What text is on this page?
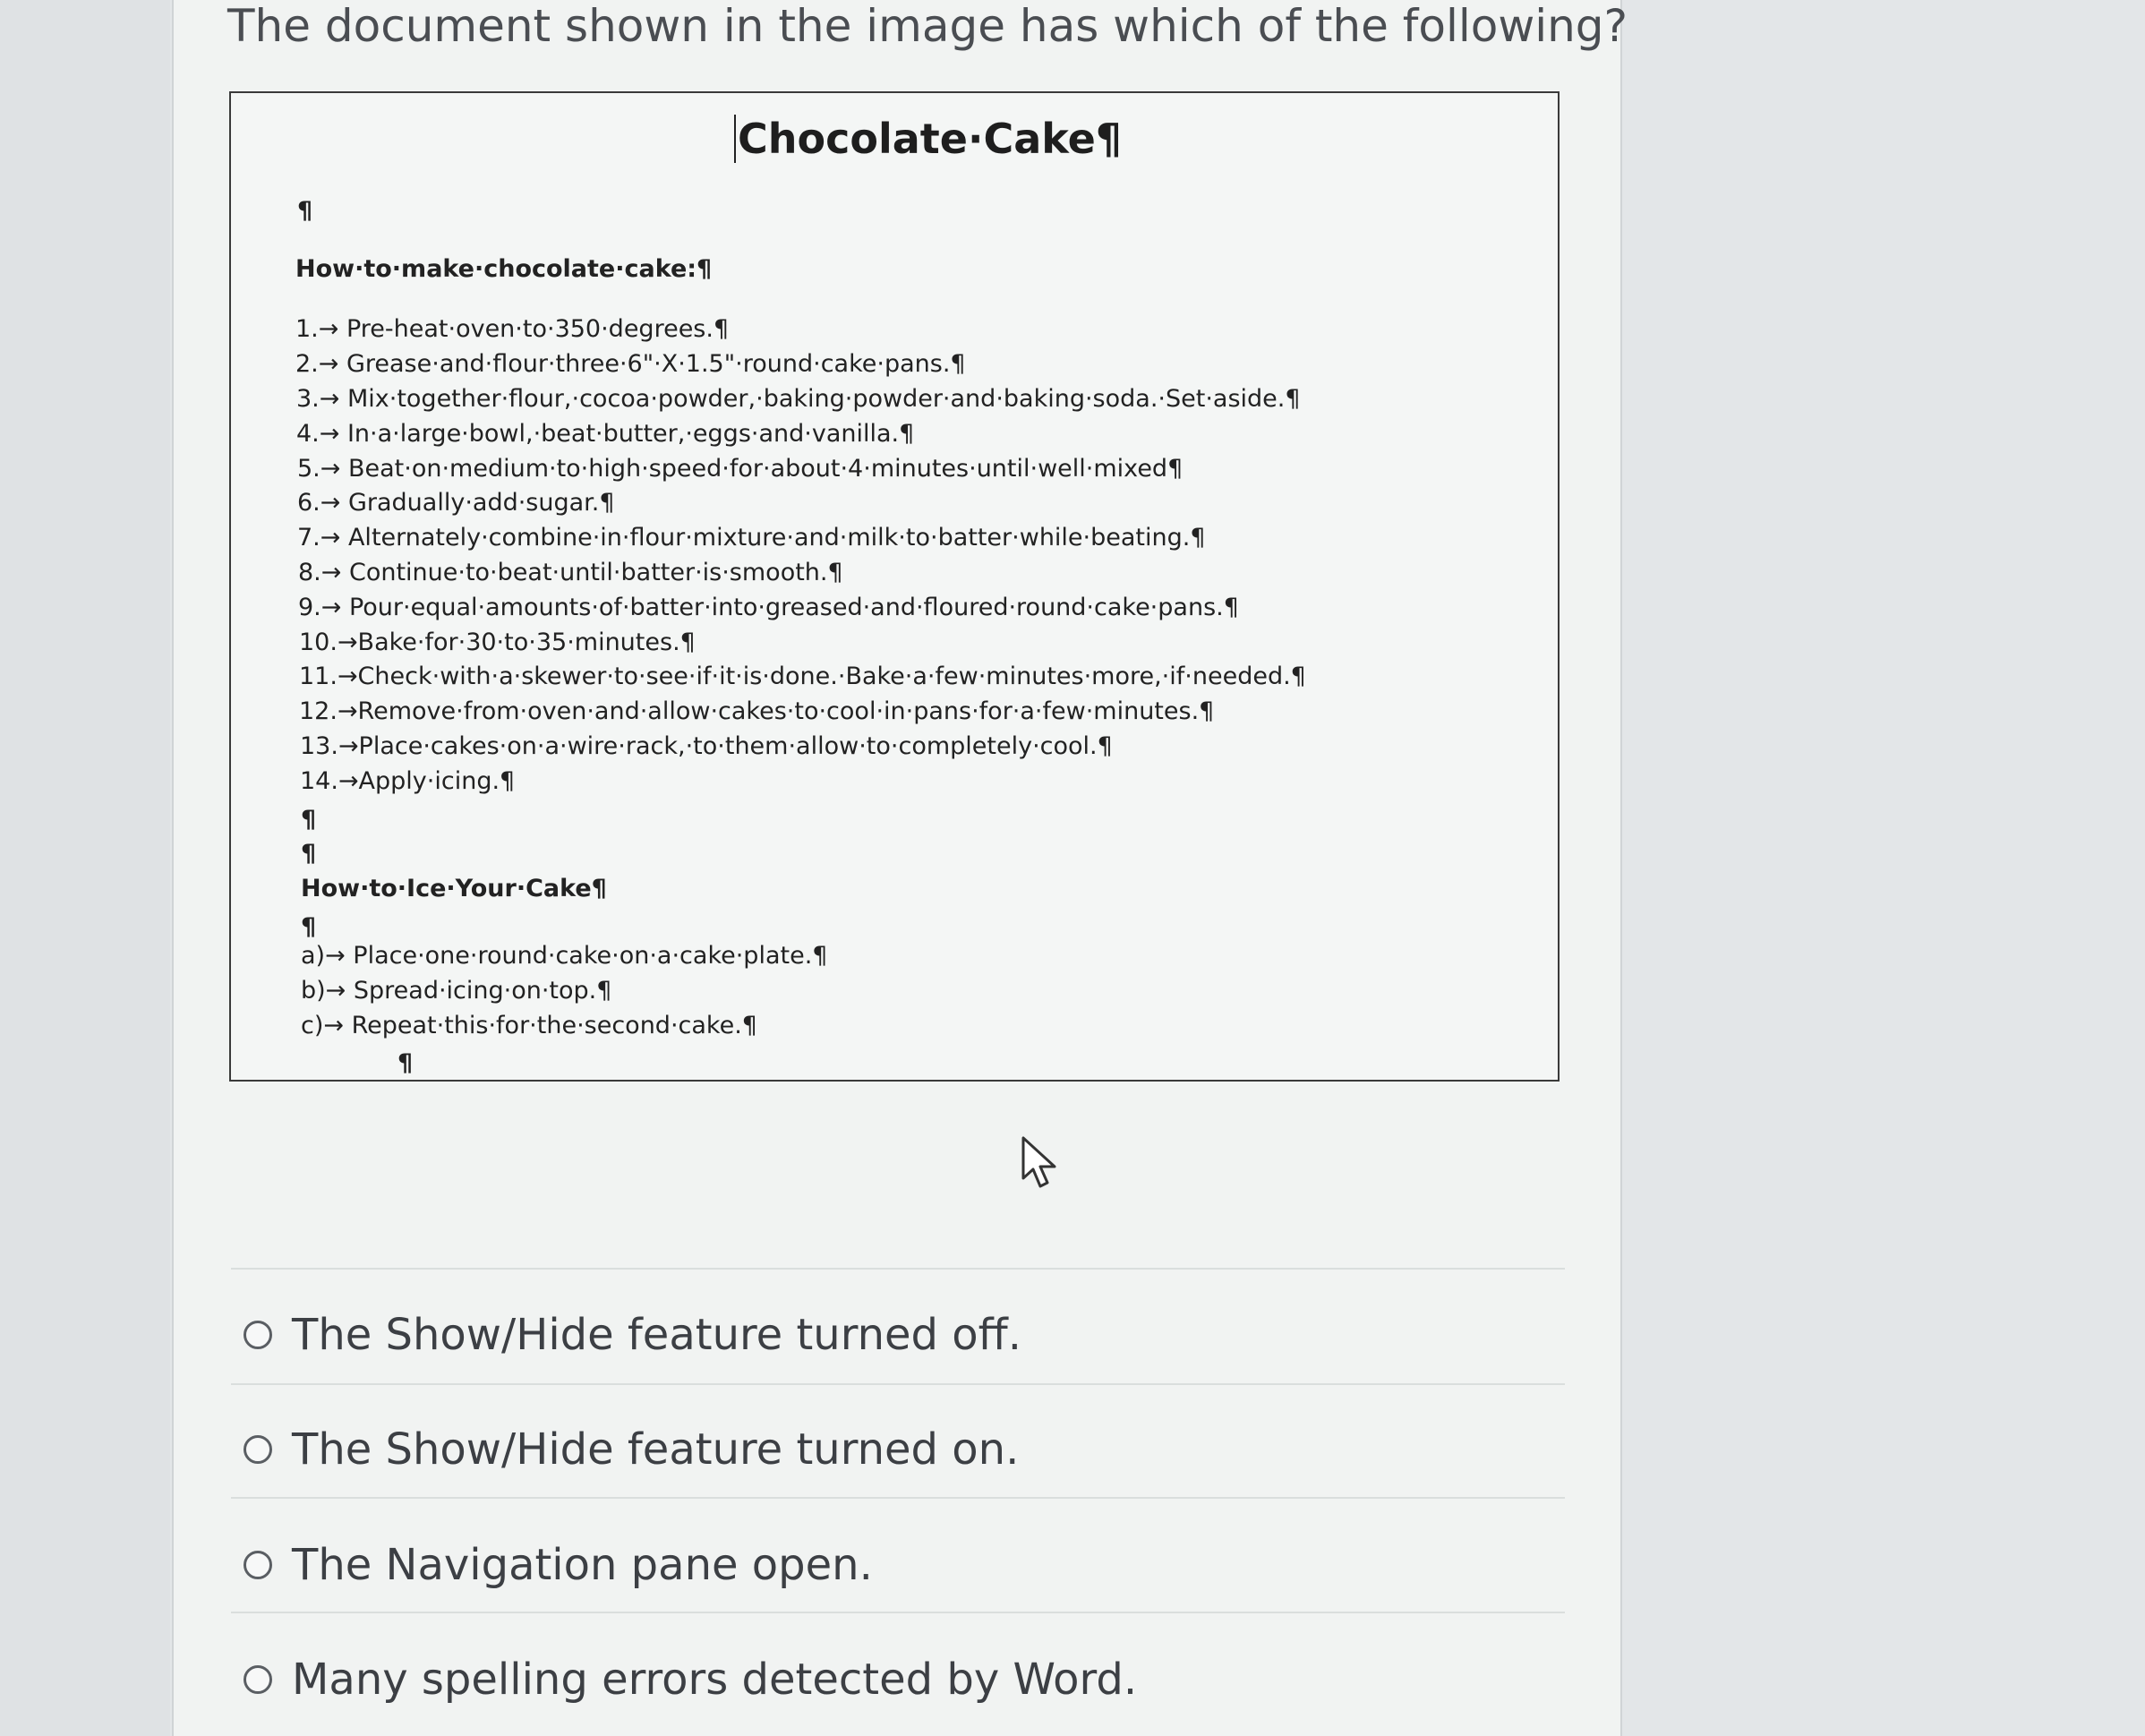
The document shown in the image has which of the following?
Chocolate·Cake¶
¶
How·to·make·chocolate·cake:¶
1.→ Pre-heat·oven·to·350·degrees.¶
2.→ Grease·and·flour·three·6"·X·1.5"·round·cake·pans.¶
3.→ Mix·together·flour,·cocoa·powder,·baking·powder·and·baking·soda.·Set·aside.¶
4.→ In·a·large·bowl,·beat·butter,·eggs·and·vanilla.¶
5.→ Beat·on·medium·to·high·speed·for·about·4·minutes·until·well·mixed¶
6.→ Gradually·add·sugar.¶
7.→ Alternately·combine·in·flour·mixture·and·milk·to·batter·while·beating.¶
8.→ Continue·to·beat·until·batter·is·smooth.¶
9.→ Pour·equal·amounts·of·batter·into·greased·and·floured·round·cake·pans.¶
10.→Bake·for·30·to·35·minutes.¶
11.→Check·with·a·skewer·to·see·if·it·is·done.·Bake·a·few·minutes·more,·if·needed.¶
12.→Remove·from·oven·and·allow·cakes·to·cool·in·pans·for·a·few·minutes.¶
13.→Place·cakes·on·a·wire·rack,·to·them·allow·to·completely·cool.¶
14.→Apply·icing.¶
¶
¶
How·to·Ice·Your·Cake¶
¶
a)→ Place·one·round·cake·on·a·cake·plate.¶
b)→ Spread·icing·on·top.¶
c)→ Repeat·this·for·the·second·cake.¶
¶
The Show/Hide feature turned off.
The Show/Hide feature turned on.
The Navigation pane open.
Many spelling errors detected by Word.
